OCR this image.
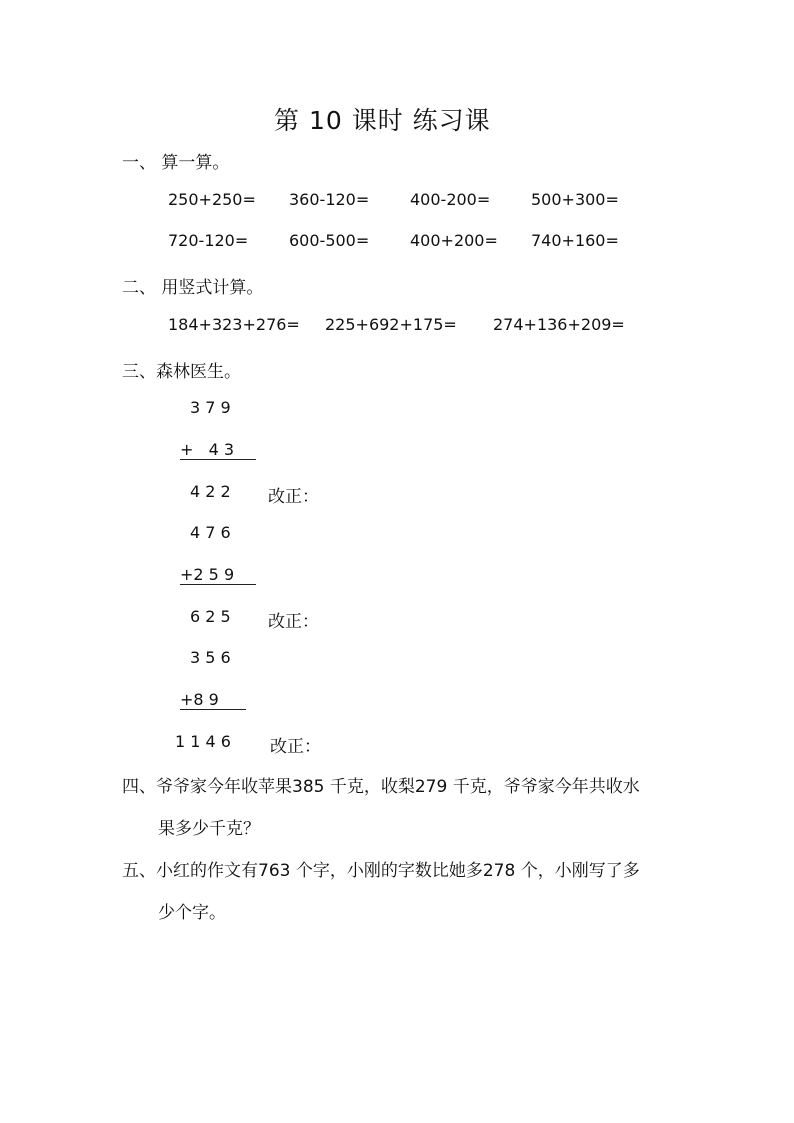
第 10 课时 练习课
一、 算一算。
250+250= 360-120=	400-200=	500+300=
720-120=	600-500=	400+200= 740+160=
二、 用竖式计算。
184+323+276= 225+692+175= 274+136+209=
三、森林医生。
3 7 9
+   4 3
4 2 2 改正：
4 7 6
+2 5 9
6 2 5 改正：
3 5 6
+8 9
1 1 4 6 改正：
四、爷爷家今年收苹果385 千克，收梨279 千克，爷爷家今年共收水
果多少千克？
五、小红的作文有763 个字，小刚的字数比她多278 个，小刚写了多
少个字。
